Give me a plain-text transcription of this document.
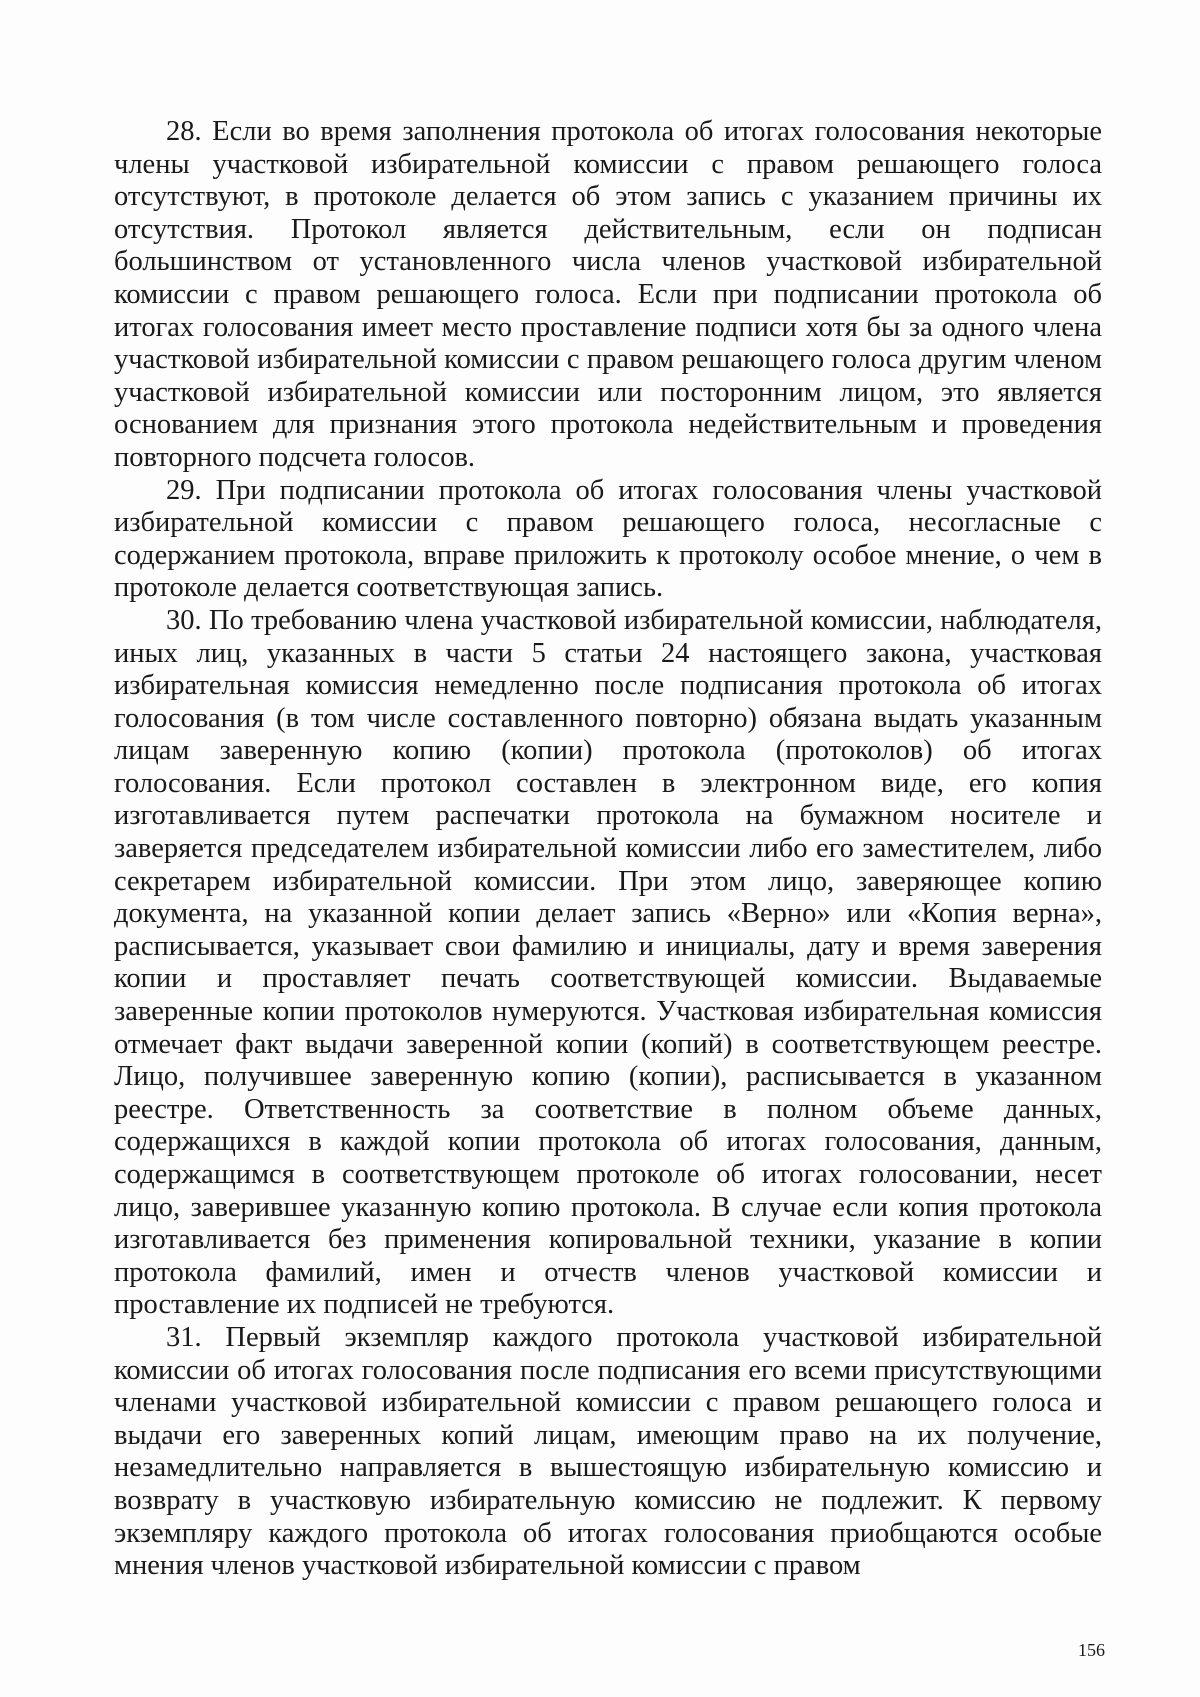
28. Если во время заполнения протокола об итогах голосования некоторые члены участковой избирательной комиссии с правом решающего голоса отсутствуют, в протоколе делается об этом запись с указанием причины их отсутствия. Протокол является действительным, если он подписан большинством от установленного числа членов участковой избирательной комиссии с правом решающего голоса. Если при подписании протокола об итогах голосования имеет место проставление подписи хотя бы за одного члена участковой избирательной комиссии с правом решающего голоса другим членом участковой избирательной комиссии или посторонним лицом, это является основанием для признания этого протокола недействительным и проведения повторного подсчета голосов.

29. При подписании протокола об итогах голосования члены участковой избирательной комиссии с правом решающего голоса, несогласные с содержанием протокола, вправе приложить к протоколу особое мнение, о чем в протоколе делается соответствующая запись.

30. По требованию члена участковой избирательной комиссии, наблюдателя, иных лиц, указанных в части 5 статьи 24 настоящего закона, участковая избирательная комиссия немедленно после подписания протокола об итогах голосования (в том числе составленного повторно) обязана выдать указанным лицам заверенную копию (копии) протокола (протоколов) об итогах голосования. Если протокол составлен в электронном виде, его копия изготавливается путем распечатки протокола на бумажном носителе и заверяется председателем избирательной комиссии либо его заместителем, либо секретарем избирательной комиссии. При этом лицо, заверяющее копию документа, на указанной копии делает запись «Верно» или «Копия верна», расписывается, указывает свои фамилию и инициалы, дату и время заверения копии и проставляет печать соответствующей комиссии. Выдаваемые заверенные копии протоколов нумеруются. Участковая избирательная комиссия отмечает факт выдачи заверенной копии (копий) в соответствующем реестре. Лицо, получившее заверенную копию (копии), расписывается в указанном реестре. Ответственность за соответствие в полном объеме данных, содержащихся в каждой копии протокола об итогах голосования, данным, содержащимся в соответствующем протоколе об итогах голосовании, несет лицо, заверившее указанную копию протокола. В случае если копия протокола изготавливается без применения копировальной техники, указание в копии протокола фамилий, имен и отчеств членов участковой комиссии и проставление их подписей не требуются.

31. Первый экземпляр каждого протокола участковой избирательной комиссии об итогах голосования после подписания его всеми присутствующими членами участковой избирательной комиссии с правом решающего голоса и выдачи его заверенных копий лицам, имеющим право на их получение, незамедлительно направляется в вышестоящую избирательную комиссию и возврату в участковую избирательную комиссию не подлежит. К первому экземпляру каждого протокола об итогах голосования приобщаются особые мнения членов участковой избирательной комиссии с правом

156
